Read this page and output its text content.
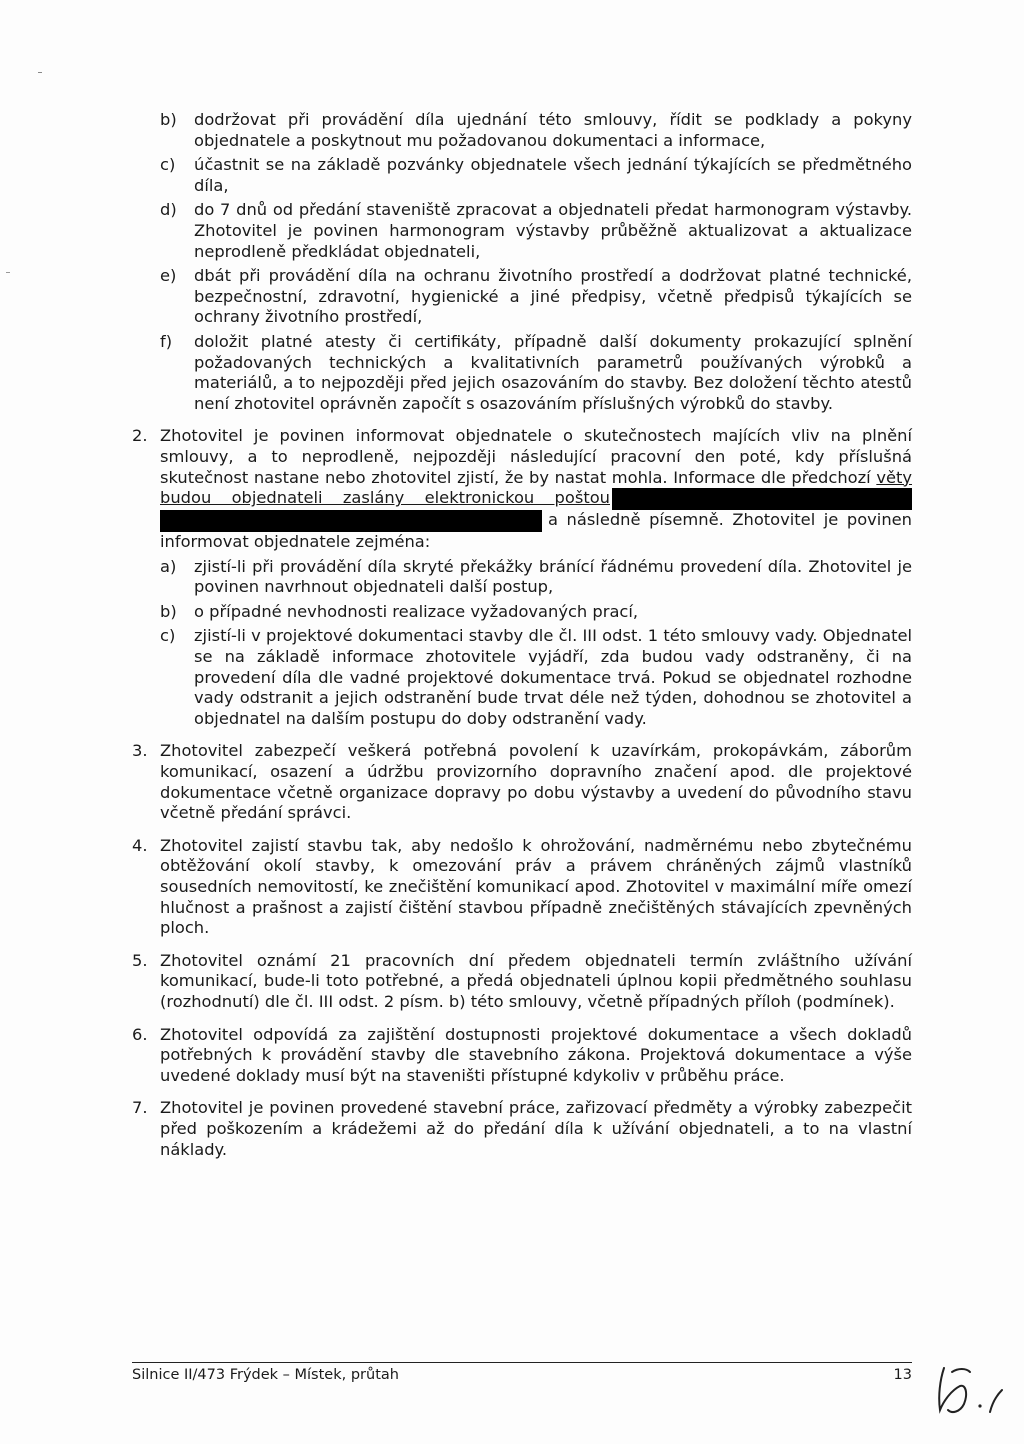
b) dodržovat při provádění díla ujednání této smlouvy, řídit se podklady a pokyny objednatele a poskytnout mu požadovanou dokumentaci a informace,
c) účastnit se na základě pozvánky objednatele všech jednání týkajících se předmětného díla,
d) do 7 dnů od předání staveniště zpracovat a objednateli předat harmonogram výstavby. Zhotovitel je povinen harmonogram výstavby průběžně aktualizovat a aktualizace neprodleně předkládat objednateli,
e) dbát při provádění díla na ochranu životního prostředí a dodržovat platné technické, bezpečnostní, zdravotní, hygienické a jiné předpisy, včetně předpisů týkajících se ochrany životního prostředí,
f) doložit platné atesty či certifikáty, případně další dokumenty prokazující splnění požadovaných technických a kvalitativních parametrů používaných výrobků a materiálů, a to nejpozději před jejich osazováním do stavby. Bez doložení těchto atestů není zhotovitel oprávněn započít s osazováním příslušných výrobků do stavby.
2. Zhotovitel je povinen informovat objednatele o skutečnostech majících vliv na plnění smlouvy, a to neprodleně, nejpozději následující pracovní den poté, kdy příslušná skutečnost nastane nebo zhotovitel zjistí, že by nastat mohla. Informace dle předchozí věty budou objednateli zaslány elektronickou poštou a následně písemně. Zhotovitel je povinen informovat objednatele zejména:

a) zjistí-li při provádění díla skryté překážky bránící řádnému provedení díla. Zhotovitel je povinen navrhnout objednateli další postup,
b) o případné nevhodnosti realizace vyžadovaných prací,
c) zjistí-li v projektové dokumentaci stavby dle čl. III odst. 1 této smlouvy vady. Objednatel se na základě informace zhotovitele vyjádří, zda budou vady odstraněny, či na provedení díla dle vadné projektové dokumentace trvá. Pokud se objednatel rozhodne vady odstranit a jejich odstranění bude trvat déle než týden, dohodnou se zhotovitel a objednatel na dalším postupu do doby odstranění vady.
3. Zhotovitel zabezpečí veškerá potřebná povolení k uzavírkám, prokopávkám, záborům komunikací, osazení a údržbu provizorního dopravního značení apod. dle projektové dokumentace včetně organizace dopravy po dobu výstavby a uvedení do původního stavu včetně předání správci.

4. Zhotovitel zajistí stavbu tak, aby nedošlo k ohrožování, nadměrnému nebo zbytečnému obtěžování okolí stavby, k omezování práv a právem chráněných zájmů vlastníků sousedních nemovitostí, ke znečištění komunikací apod. Zhotovitel v maximální míře omezí hlučnost a prašnost a zajistí čištění stavbou případně znečištěných stávajících zpevněných ploch.

5. Zhotovitel oznámí 21 pracovních dní předem objednateli termín zvláštního užívání komunikací, bude-li toto potřebné, a předá objednateli úplnou kopii předmětného souhlasu (rozhodnutí) dle čl. III odst. 2 písm. b) této smlouvy, včetně případných příloh (podmínek).

6. Zhotovitel odpovídá za zajištění dostupnosti projektové dokumentace a všech dokladů potřebných k provádění stavby dle stavebního zákona. Projektová dokumentace a výše uvedené doklady musí být na staveništi přístupné kdykoliv v průběhu práce.

7. Zhotovitel je povinen provedené stavební práce, zařizovací předměty a výrobky zabezpečit před poškozením a krádežemi až do předání díla k užívání objednateli, a to na vlastní náklady.

Silnice II/473 Frýdek – Místek, průtah	13
